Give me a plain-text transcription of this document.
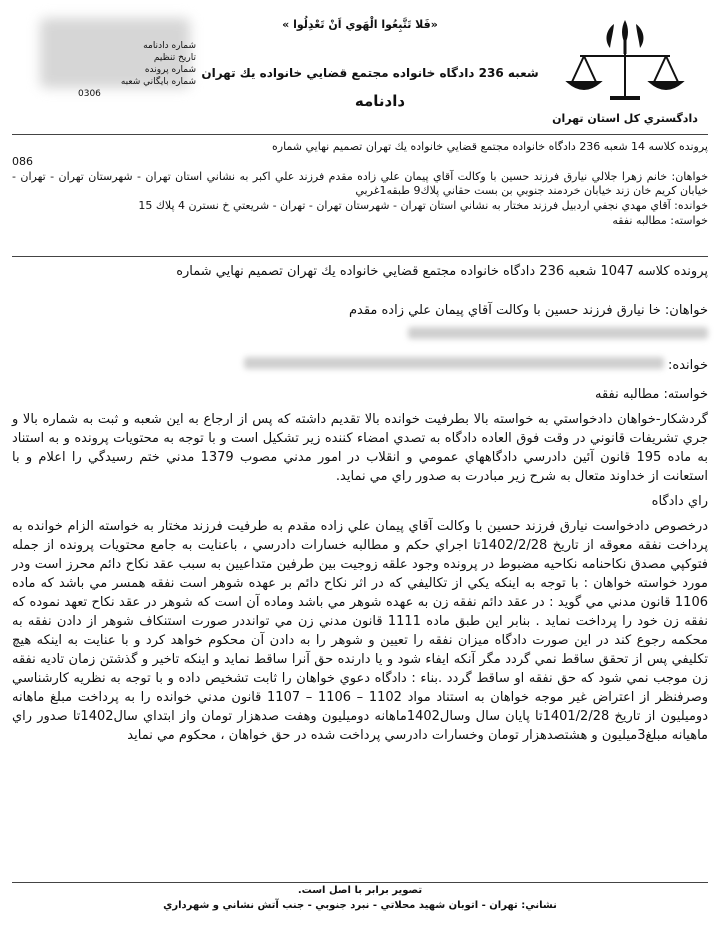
دادگستري كل استان تهران
«فَلا تَتَّبِعُوا الْهَوي اَنْ تَعْدِلُوا »
شعبه 236 دادگاه خانواده مجتمع قضايي خانواده يك تهران
دادنامه
شماره دادنامه
تاريخ تنظيم
شماره پرونده
شماره بايگاني شعبه
0306

پرونده كلاسه 14 شعبه 236 دادگاه خانواده مجتمع قضايي خانواده يك تهران تصميم نهايي شماره

086

خواهان: خانم زهرا جلالي نيارق فرزند حسين با وكالت آقاي پيمان علي زاده مقدم فرزند علي اكبر به نشاني استان تهران - شهرستان تهران - تهران - خيابان كريم خان زند خيابان خردمند جنوبي بن بست حقاني پلاك9 طبقه1غربي

خوانده: آقاي مهدي نجفي اردبيل فرزند مختار به نشاني استان تهران - شهرستان تهران - تهران - شريعتي خ نسترن 4 پلاك 15

خواسته: مطالبه نفقه

پرونده كلاسه 1047 شعبه 236 دادگاه خانواده مجتمع قضايي خانواده يك تهران تصميم نهايي شماره

خواهان: خا نيارق فرزند حسين با وكالت آقاي پيمان علي زاده مقدم

خوانده:

خواسته: مطالبه نفقه

گردشكار-خواهان دادخواستي به خواسته بالا بطرفيت خوانده بالا تقديم داشته كه پس از ارجاع به اين شعبه و ثبت به شماره بالا و جري تشريفات قانوني در وقت فوق العاده دادگاه به تصدي امضاء كننده زير تشكيل است و با توجه به محتويات پرونده و به استناد به ماده 195 قانون آئين دادرسي دادگاههاي عمومي و انقلاب در امور مدني مصوب 1379 مدني ختم رسيدگي را اعلام و با استعانت از خداوند متعال به شرح زير مبادرت به صدور راي مي نمايد.

راي دادگاه

درخصوص دادخواست نيارق فرزند حسين با وكالت آقاي پيمان علي زاده مقدم به طرفيت فرزند مختار به خواسته الزام خوانده به پرداخت نفقه معوقه از تاريخ 1402/2/28تا اجراي حكم و مطالبه خسارات دادرسي ، باعنايت به جامع محتويات پرونده از جمله فتوكپي مصدق نكاحنامه نكاحيه مضبوط در پرونده وجود علقه زوجيت بين طرفين متداعيين به سبب عقد نكاح دائم محرز است ودر مورد خواسته خواهان : با توجه به اينكه يكي از تكاليفي كه در اثر نكاح دائم بر عهده شوهر است نفقه همسر مي باشد كه ماده 1106 قانون مدني مي گويد : در عقد دائم نفقه زن به عهده شوهر مي باشد وماده آن است كه شوهر در عقد نكاح تعهد نموده كه نفقه زن خود را پرداخت نمايد . بنابر اين طبق ماده 1111 قانون مدني زن مي توانددر صورت استنكاف شوهر از دادن نفقه به محكمه رجوع كند در اين صورت دادگاه ميزان نفقه را تعيين و شوهر را به دادن آن محكوم خواهد كرد و با عنايت به اينكه هيچ تكليفي پس از تحقق ساقط نمي گردد مگر آنكه ايفاء شود و يا دارنده حق آنرا ساقط نمايد و اينكه تاخير و گذشتن زمان تاديه نفقه زن موجب نمي شود كه حق نفقه او ساقط گردد .بناء : دادگاه دعوي خواهان را ثابت تشخيص داده و با توجه به نظريه كارشناسي وصرفنظر از اعتراض غير موجه خواهان به استناد مواد 1102 – 1106 – 1107 قانون مدني خوانده را به پرداخت مبلغ ماهانه دوميليون از تاريخ 1401/2/28تا پايان سال وسال1402ماهانه دوميليون وهفت صدهزار تومان واز ابتداي سال1402تا صدور راي ماهيانه مبلغ3ميليون و هشتصدهزار تومان وخسارات دادرسي پرداخت شده در حق خواهان ، محكوم مي نمايد

تصوير برابر با اصل است.
نشاني: تهران - اتوبان شهيد محلاتي - نبرد جنوبي - جنب آتش نشاني و شهرداري
